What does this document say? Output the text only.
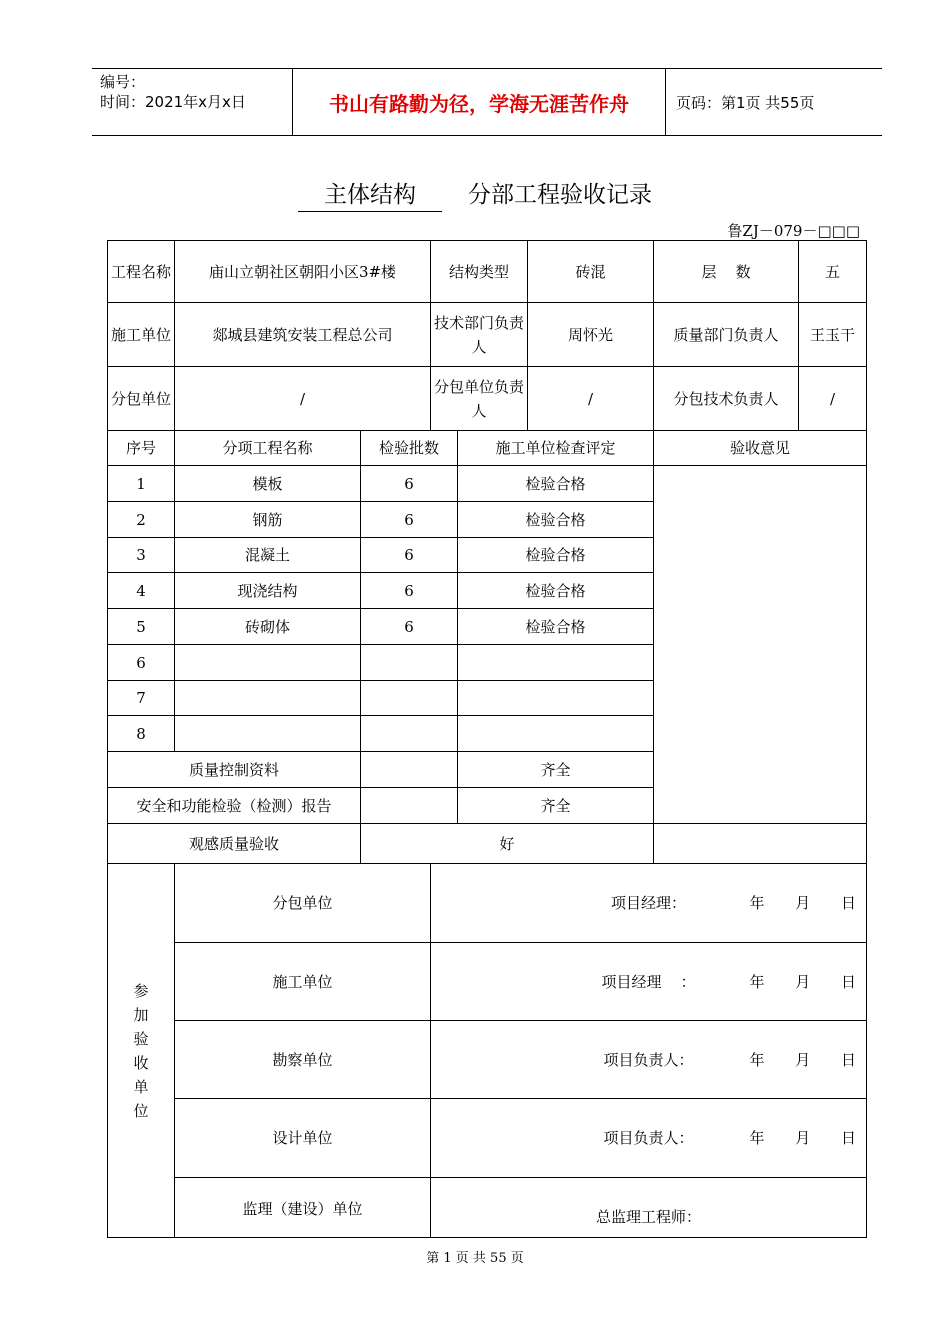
编号：
时间：2021年x月x日	书山有路勤为径，学海无涯苦作舟	页码：第1页 共55页
主体结构 分部工程验收记录
鲁ZJ－079－□□□
工程名称	庙山立朝社区朝阳小区3#楼		结构类型		砖混	层    数	五
施工单位	郯城县建筑安装工程总公司		技术部门负责人		周怀光	质量部门负责人	王玉干
分包单位	/		分包单位负责人		/	分包技术负责人	/
序号	分项工程名称	检验批数		施工单位检查评定		验收意见	
1	模板	6		检验合格			
2	钢筋	6		检验合格			
3	混凝土	6		检验合格			
4	现浇结构	6		检验合格			
5	砖砌体	6		检验合格			
6							
7							
8							
质量控制资料				齐全			
安全和功能检验（检测）报告				齐全			
观感质量验收		好					

参加验收单位	分包单位		项目经理： 年 月 日				

	施工单位		项目经理    ： 年 月 日				

	勘察单位		项目负责人： 年 月 日				

	设计单位		项目负责人： 年 月 日				

	监理（建设）单位		总监理工程师：				
第 1 页 共 55 页
